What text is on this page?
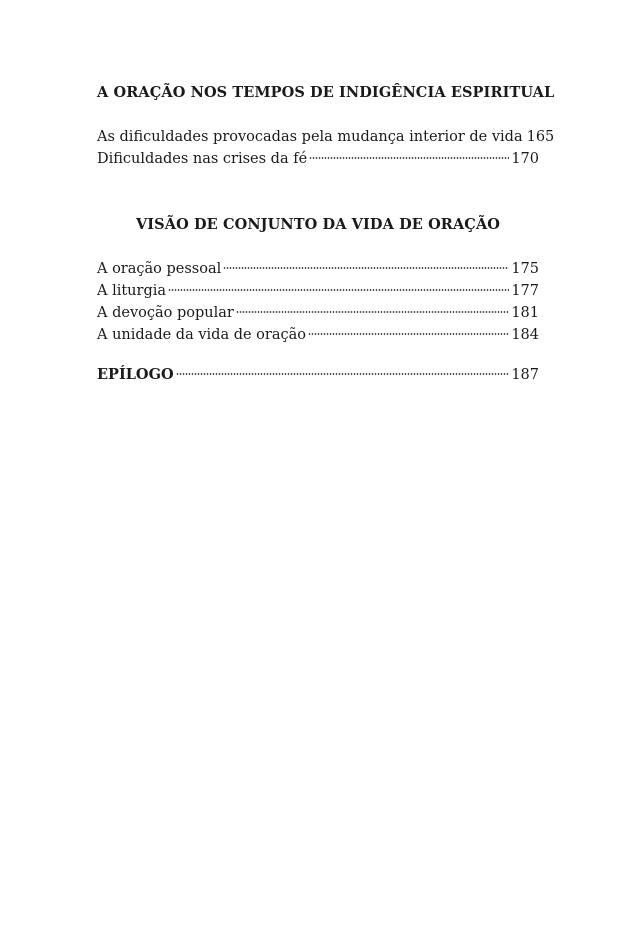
A ORAÇÃO NOS TEMPOS DE INDIGÊNCIA ESPIRITUAL
As dificuldades provocadas pela mudança interior de vida 165
Dificuldades nas crises da fé	170
VISÃO DE CONJUNTO DA VIDA DE ORAÇÃO
A oração pessoal	175
A liturgia	177
A devoção popular	181
A unidade da vida de oração	184
EPÍLOGO	187
